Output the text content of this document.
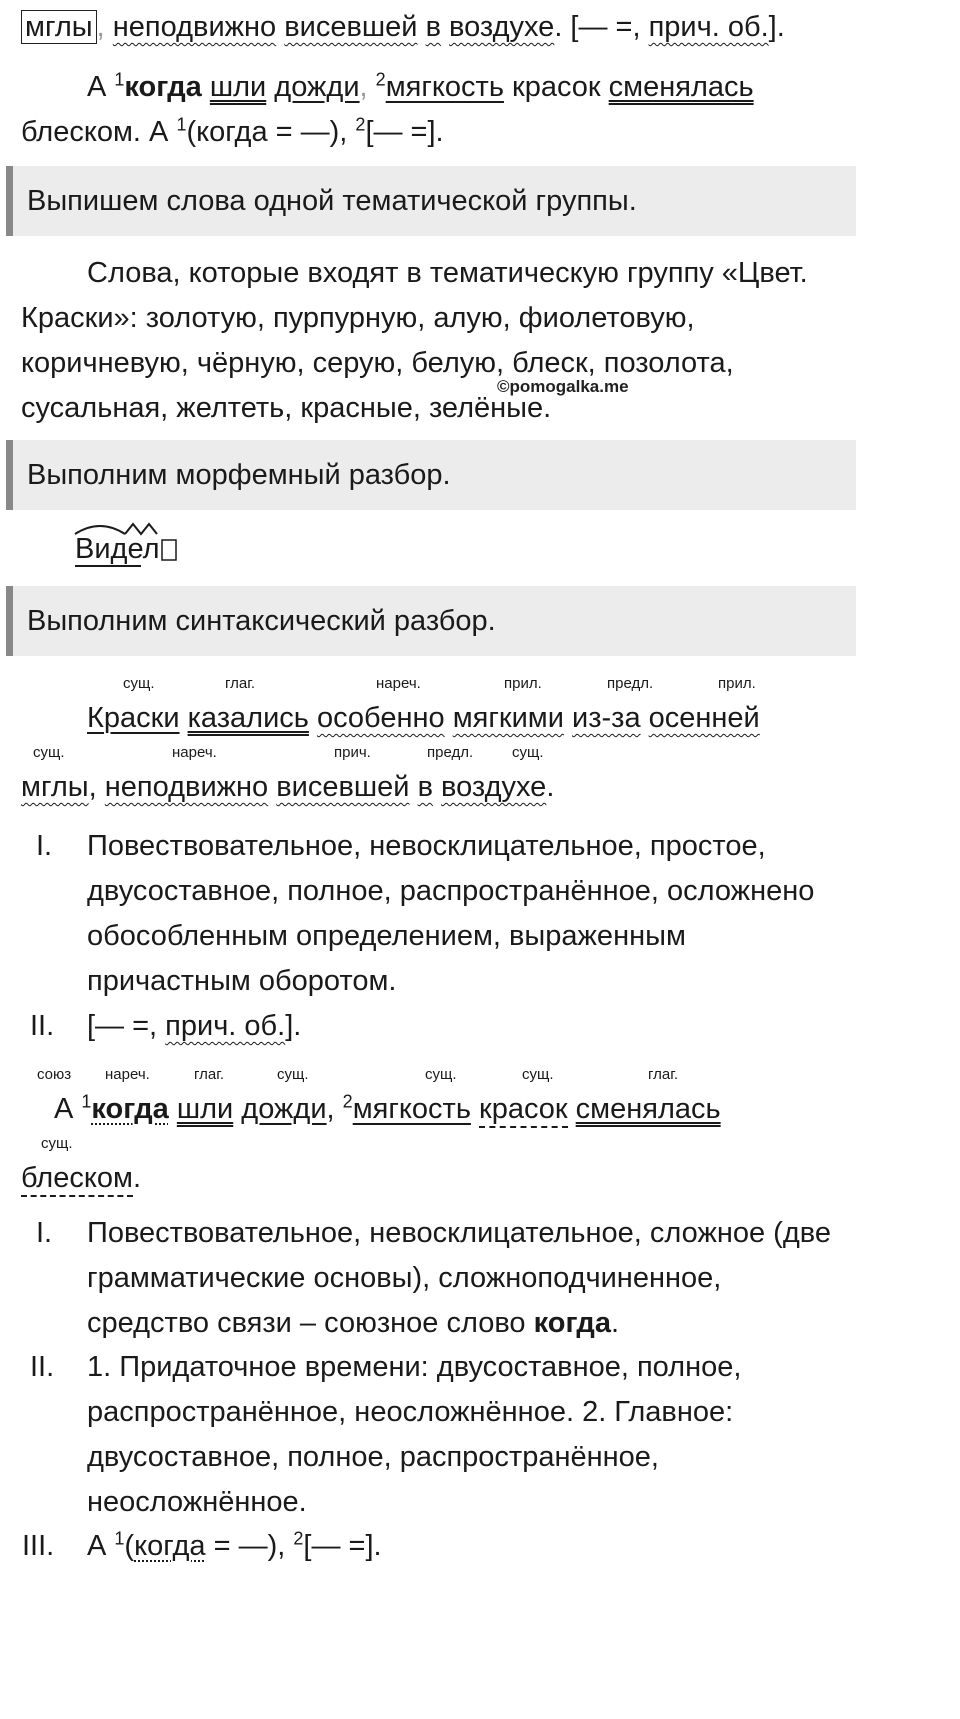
мглы , неподвижно висевшей в воздухе. [— =, прич. об.].
А $^1$когда шли дожди, $^2$мягкость красок сменялась
блеском. А $^1$(когда = —), $^2$[— =].
Выпишем слова одной тематической группы.
Слова, которые входят в тематическую группу «Цвет.
Краски»: золотую, пурпурную, алую, фиолетовую,
коричневую, чёрную, серую, белую, блеск, позолота,
сусальная, желтеть, красные, зелёные.
©pomogalka.me
Выполним морфемный разбор.
Видел
Выполним синтаксический разбор.
сущ.	глаг.	нареч.	прил.	предл.	прил.
Краски казались особенно мягкими из-за осенней
сущ.	нареч.	прич.	предл.	сущ.
мглы, неподвижно висевшей в воздухе.
I. Повествовательное, невосклицательное, простое,
двусоставное, полное, распространённое, осложнено
обособленным определением, выраженным
причастным оборотом.
II. [— =, прич. об.].
союз нареч.	глаг.	сущ.	сущ.	сущ.	глаг.
А $^1$когда шли дожди, $^2$мягкость красок сменялась
сущ.
блеском.
I. Повествовательное, невосклицательное, сложное (две
грамматические основы), сложноподчиненное,
средство связи – союзное слово когда.
II. 1. Придаточное времени: двусоставное, полное,
распространённое, неосложнённое. 2. Главное:
двусоставное, полное, распространённое,
неосложнённое.
III. А $^1$(когда = —), $^2$[— =].
